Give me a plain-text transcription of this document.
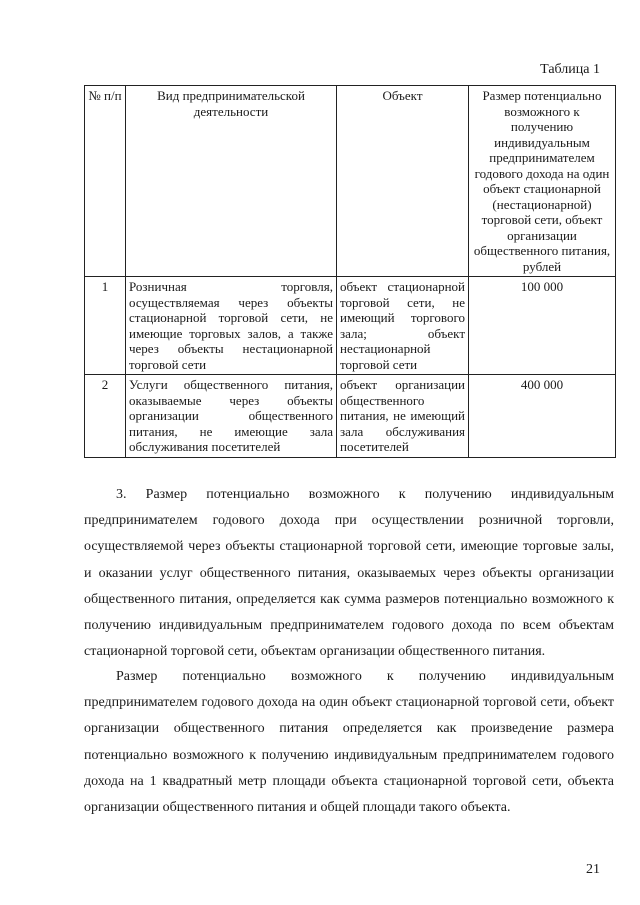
Таблица 1
№ п/п	Вид предпринимательской деятельности	Объект	Размер потенциально возможного к получению индивидуальным предпринимателем годового дохода на один объект стационарной (нестационарной) торговой сети, объект организации общественного питания, рублей
1	Розничная торговля, осуществляемая через объекты стационарной торговой сети, не имеющие торговых залов, а также через объекты нестационарной торговой сети	объект стационарной торговой сети, не имеющий торгового зала; объект нестационарной торговой сети	100 000
2	Услуги общественного питания, оказываемые через объекты организации общественного питания, не имеющие зала обслуживания посетителей	объект организации общественного питания, не имеющий зала обслуживания посетителей	400 000

3. Размер потенциально возможного к получению индивидуальным предпринимателем годового дохода при осуществлении розничной торговли, осуществляемой через объекты стационарной торговой сети, имеющие торговые залы, и оказании услуг общественного питания, оказываемых через объекты организации общественного питания, определяется как сумма размеров потенциально возможного к получению индивидуальным предпринимателем годового дохода по всем объектам стационарной торговой сети, объектам организации общественного питания.

Размер потенциально возможного к получению индивидуальным предпринимателем годового дохода на один объект стационарной торговой сети, объект организации общественного питания определяется как произведение размера потенциально возможного к получению индивидуальным предпринимателем годового дохода на 1 квадратный метр площади объекта стационарной торговой сети, объекта организации общественного питания и общей площади такого объекта.

21
